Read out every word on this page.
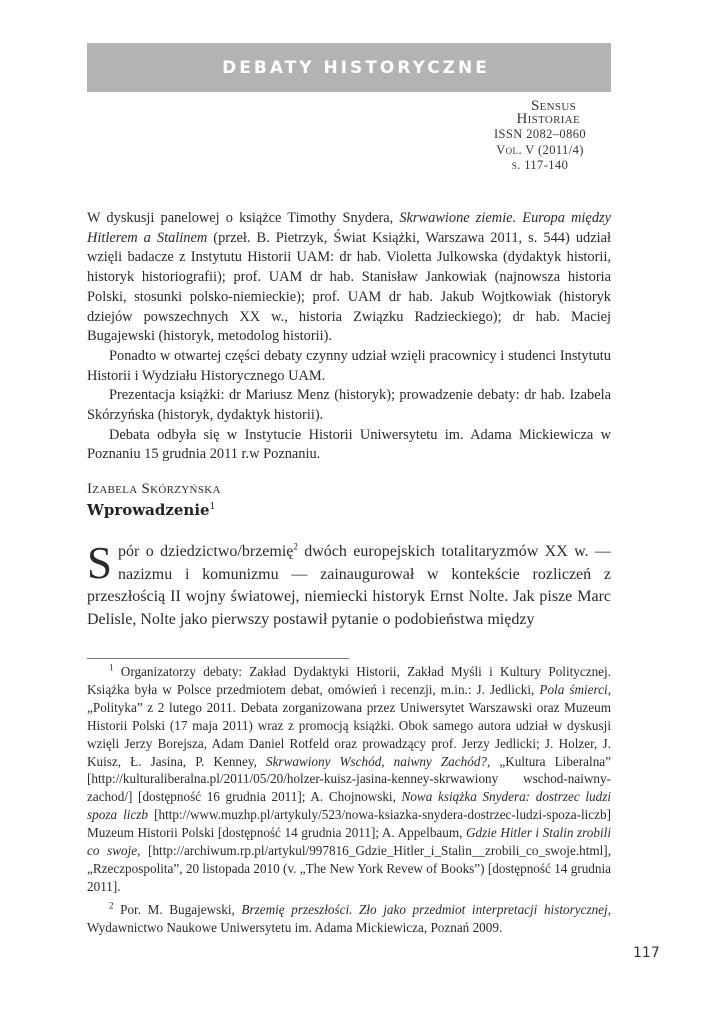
DEBATY HISTORYCZNE
Sensus
Historiae
ISSN 2082–0860
Vol. V (2011/4)
s. 117-140

W dyskusji panelowej o książce Timothy Snydera, Skrwawione ziemie. Europa między Hitlerem a Stalinem (przeł. B. Pietrzyk, Świat Książki, Warszawa 2011, s. 544) udział wzięli badacze z Instytutu Historii UAM: dr hab. Violetta Julkowska (dydaktyk historii, historyk historiografii); prof. UAM dr hab. Stanisław Jankowiak (najnowsza historia Polski, stosunki polsko-niemieckie); prof. UAM dr hab. Jakub Wojtkowiak (historyk dziejów powszechnych XX w., historia Związku Radzieckiego); dr hab. Maciej Bugajewski (historyk, metodolog historii).

Ponadto w otwartej części debaty czynny udział wzięli pracownicy i studenci Instytutu Historii i Wydziału Historycznego UAM.

Prezentacja książki: dr Mariusz Menz (historyk); prowadzenie debaty: dr hab. Izabela Skórzyńska (historyk, dydaktyk historii).

Debata odbyła się w Instytucie Historii Uniwersytetu im. Adama Mickiewicza w Poznaniu 15 grudnia 2011 r.w Poznaniu.

Izabela Skórzyńska
Wprowadzenie$^1$
Spór o dziedzictwo/brzemię$^2$ dwóch europejskich totalitaryzmów XX w. — nazizmu i komunizmu — zainaugurował w kontekście rozliczeń z przeszłością II wojny światowej, niemiecki historyk Ernst Nolte. Jak pisze Marc Delisle, Nolte jako pierwszy postawił pytanie o podobieństwa między

$^1$ Organizatorzy debaty: Zakład Dydaktyki Historii, Zakład Myśli i Kultury Politycznej. Książka była w Polsce przedmiotem debat, omówień i recenzji, m.in.: J. Jedlicki, Pola śmierci, „Polityka” z 2 lutego 2011. Debata zorganizowana przez Uniwersytet Warszawski oraz Muzeum Historii Polski (17 maja 2011) wraz z promocją książki. Obok samego autora udział w dyskusji wzięli Jerzy Borejsza, Adam Daniel Rotfeld oraz prowadzący prof. Jerzy Jedlicki; J. Holzer, J. Kuisz, Ł. Jasina, P. Kenney, Skrwawiony Wschód, naiwny Zachód?, „Kultura Liberalna” [http://kulturaliberalna.pl/2011/05/20/holzer-kuisz-jasina-kenney-skrwawiony wschod-naiwny-zachod/] [dostępność 16 grudnia 2011]; A. Chojnowski, Nowa książka Snydera: dostrzec ludzi spoza liczb [http://www.muzhp.pl/artykuly/523/nowa-ksiazka-snydera-dostrzec-ludzi-spoza-liczb] Muzeum Historii Polski [dostępność 14 grudnia 2011]; A. Appelbaum, Gdzie Hitler i Stalin zrobili co swoje, [http://archiwum.rp.pl/artykul/997816_Gdzie_Hitler_i_Stalin__zrobili_co_swoje.html], „Rzeczpospolita”, 20 listopada 2010 (v. „The New York Revew of Books”) [dostępność 14 grudnia 2011].

$^2$ Por. M. Bugajewski, Brzemię przeszłości. Zło jako przedmiot interpretacji historycznej, Wydawnictwo Naukowe Uniwersytetu im. Adama Mickiewicza, Poznań 2009.

117
